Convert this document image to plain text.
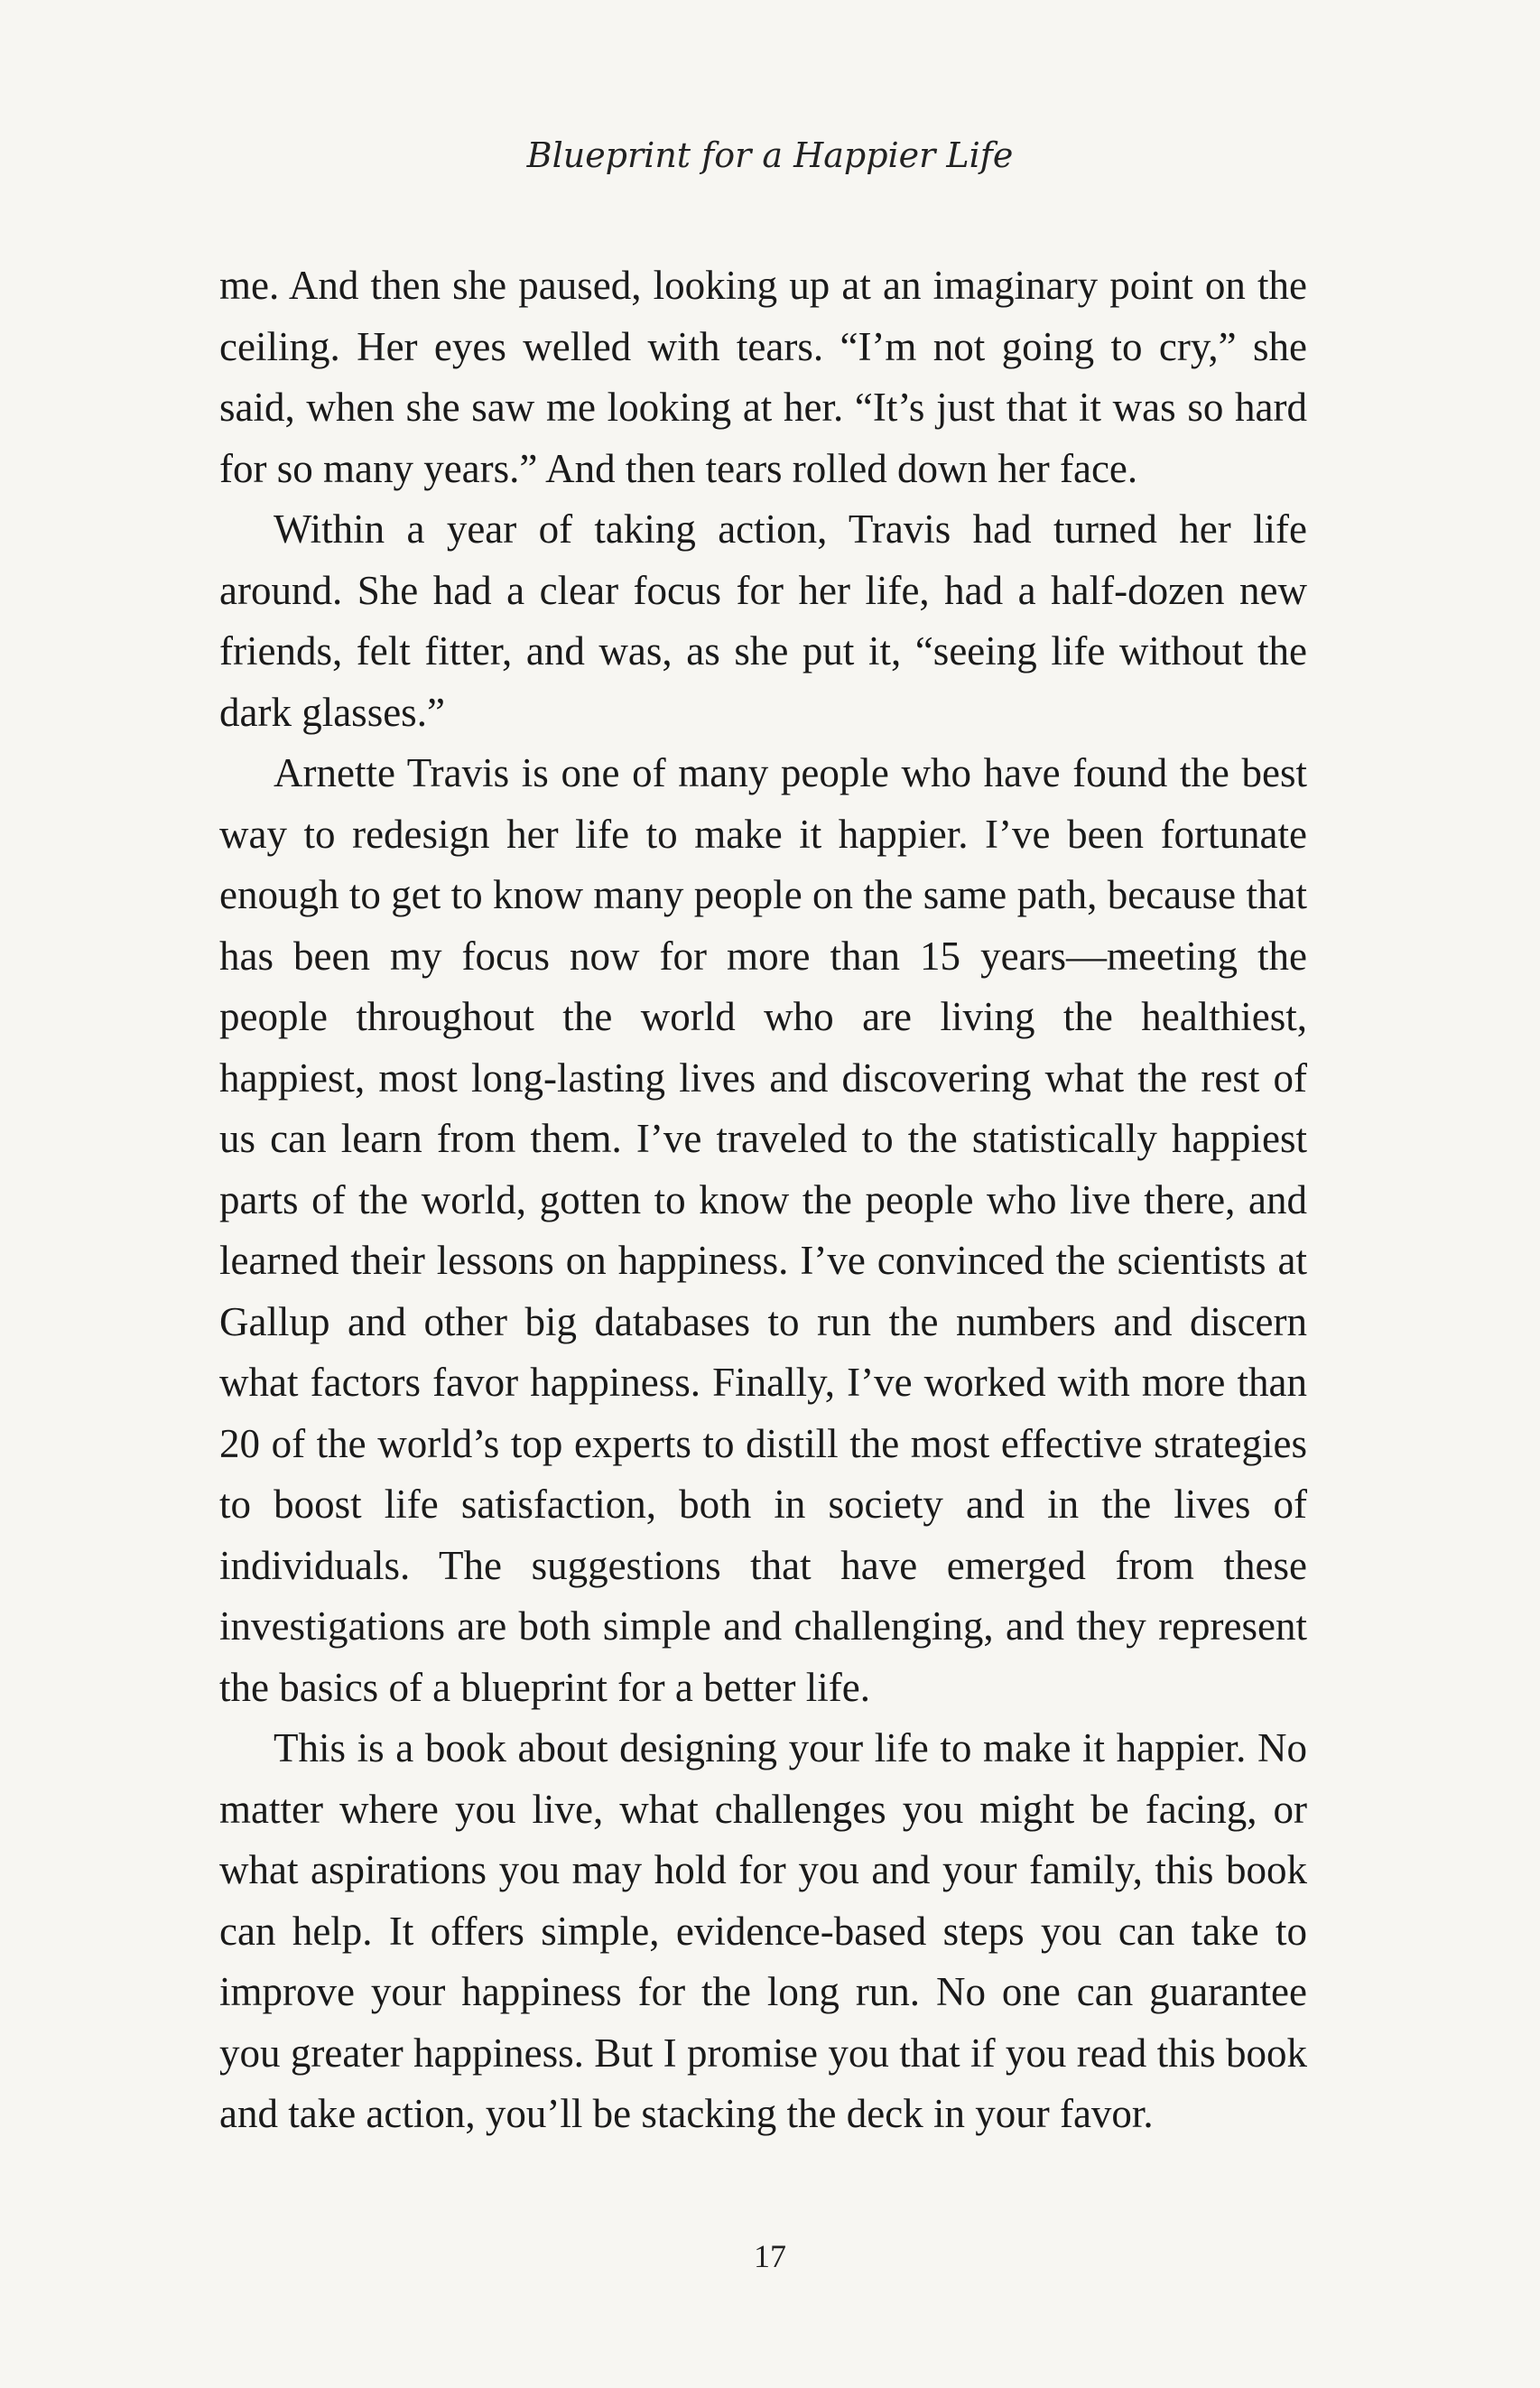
Blueprint for a Happier Life

me. And then she paused, looking up at an imaginary point on the ceiling. Her eyes welled with tears. “I’m not going to cry,” she said, when she saw me looking at her. “It’s just that it was so hard for so many years.” And then tears rolled down her face.

Within a year of taking action, Travis had turned her life around. She had a clear focus for her life, had a half-dozen new friends, felt fitter, and was, as she put it, “seeing life without the dark glasses.”

Arnette Travis is one of many people who have found the best way to redesign her life to make it happier. I’ve been fortunate enough to get to know many people on the same path, because that has been my focus now for more than 15 years—meeting the people throughout the world who are living the healthiest, happiest, most long-lasting lives and discovering what the rest of us can learn from them. I’ve traveled to the statistically happiest parts of the world, gotten to know the people who live there, and learned their lessons on happiness. I’ve convinced the scientists at Gallup and other big databases to run the numbers and discern what factors favor happiness. Finally, I’ve worked with more than 20 of the world’s top experts to distill the most effective strategies to boost life satisfaction, both in society and in the lives of individuals. The suggestions that have emerged from these investigations are both simple and challenging, and they represent the basics of a blueprint for a better life.

This is a book about designing your life to make it happier. No matter where you live, what challenges you might be facing, or what aspirations you may hold for you and your family, this book can help. It offers simple, evidence-based steps you can take to improve your happiness for the long run. No one can guarantee you greater happiness. But I promise you that if you read this book and take action, you’ll be stacking the deck in your favor.

17
